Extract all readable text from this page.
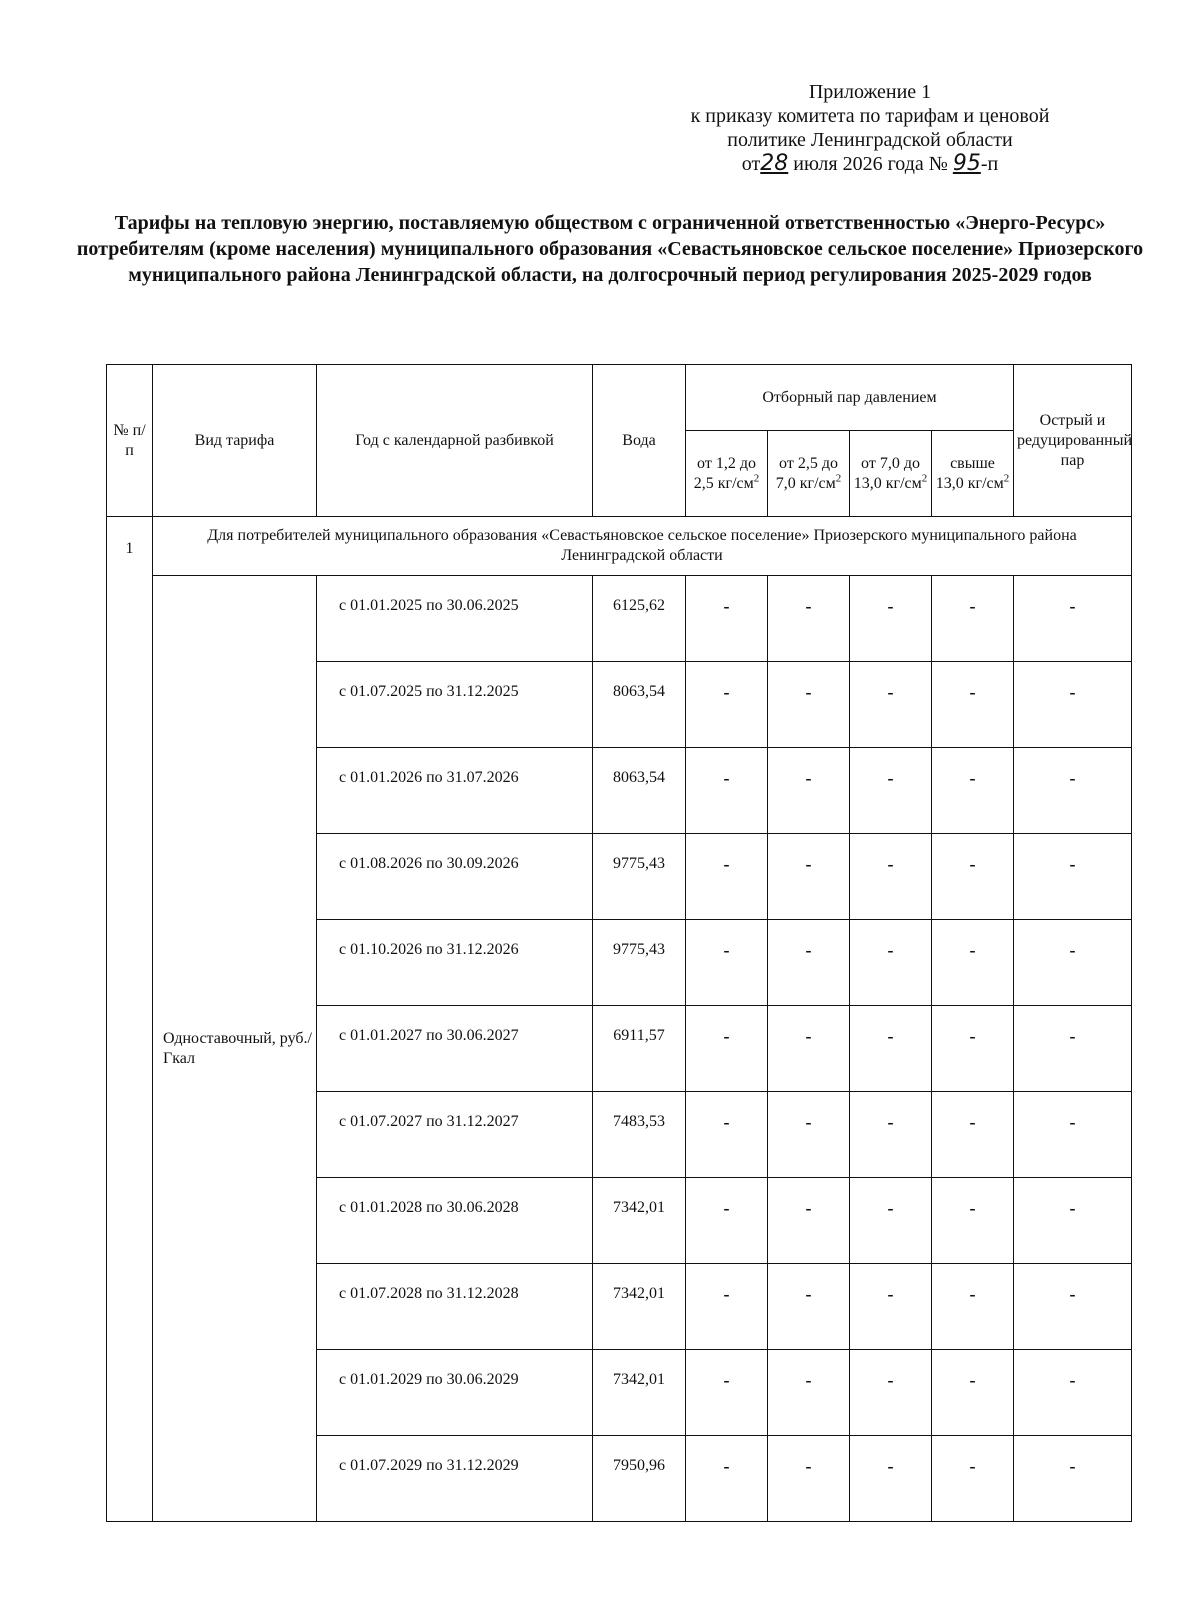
Приложение 1
к приказу комитета по тарифам и ценовой
политике Ленинградской области
от28 июля 2026 года № 95-п
Тарифы на тепловую энергию, поставляемую обществом с ограниченной ответственностью «Энерго-Ресурс» потребителям (кроме населения) муниципального образования «Севастьяновское сельское поселение» Приозерского муниципального района Ленинградской области, на долгосрочный период регулирования 2025-2029 годов
№ п/ п	Вид тарифа	Год с календарной разбивкой	Вода	Отборный пар давлением				Острый и редуцированный пар
				от 1,2 до 2,5 $кг/см^2$	от 2,5 до 7,0 $кг/см^2$	от 7,0 до 13,0 $кг/см^2$	свыше 13,0 $кг/см^2$
1	Для потребителей муниципального образования «Севастьяновское сельское поселение» Приозерского муниципального района Ленинградской области							
	Одноставочный, руб./Гкал							
		с 01.01.2025 по 30.06.2025	6125,62	-	-	-	-	-
		с 01.07.2025 по 31.12.2025	8063,54	-	-	-	-	-
		с 01.01.2026 по 31.07.2026	8063,54	-	-	-	-	-
		с 01.08.2026 по 30.09.2026	9775,43	-	-	-	-	-
		с 01.10.2026 по 31.12.2026	9775,43	-	-	-	-	-
		с 01.01.2027 по 30.06.2027	6911,57	-	-	-	-	-
		с 01.07.2027 по 31.12.2027	7483,53	-	-	-	-	-
		с 01.01.2028 по 30.06.2028	7342,01	-	-	-	-	-
		с 01.07.2028 по 31.12.2028	7342,01	-	-	-	-	-
		с 01.01.2029 по 30.06.2029	7342,01	-	-	-	-	-
		с 01.07.2029 по 31.12.2029	7950,96	-	-	-	-	-
